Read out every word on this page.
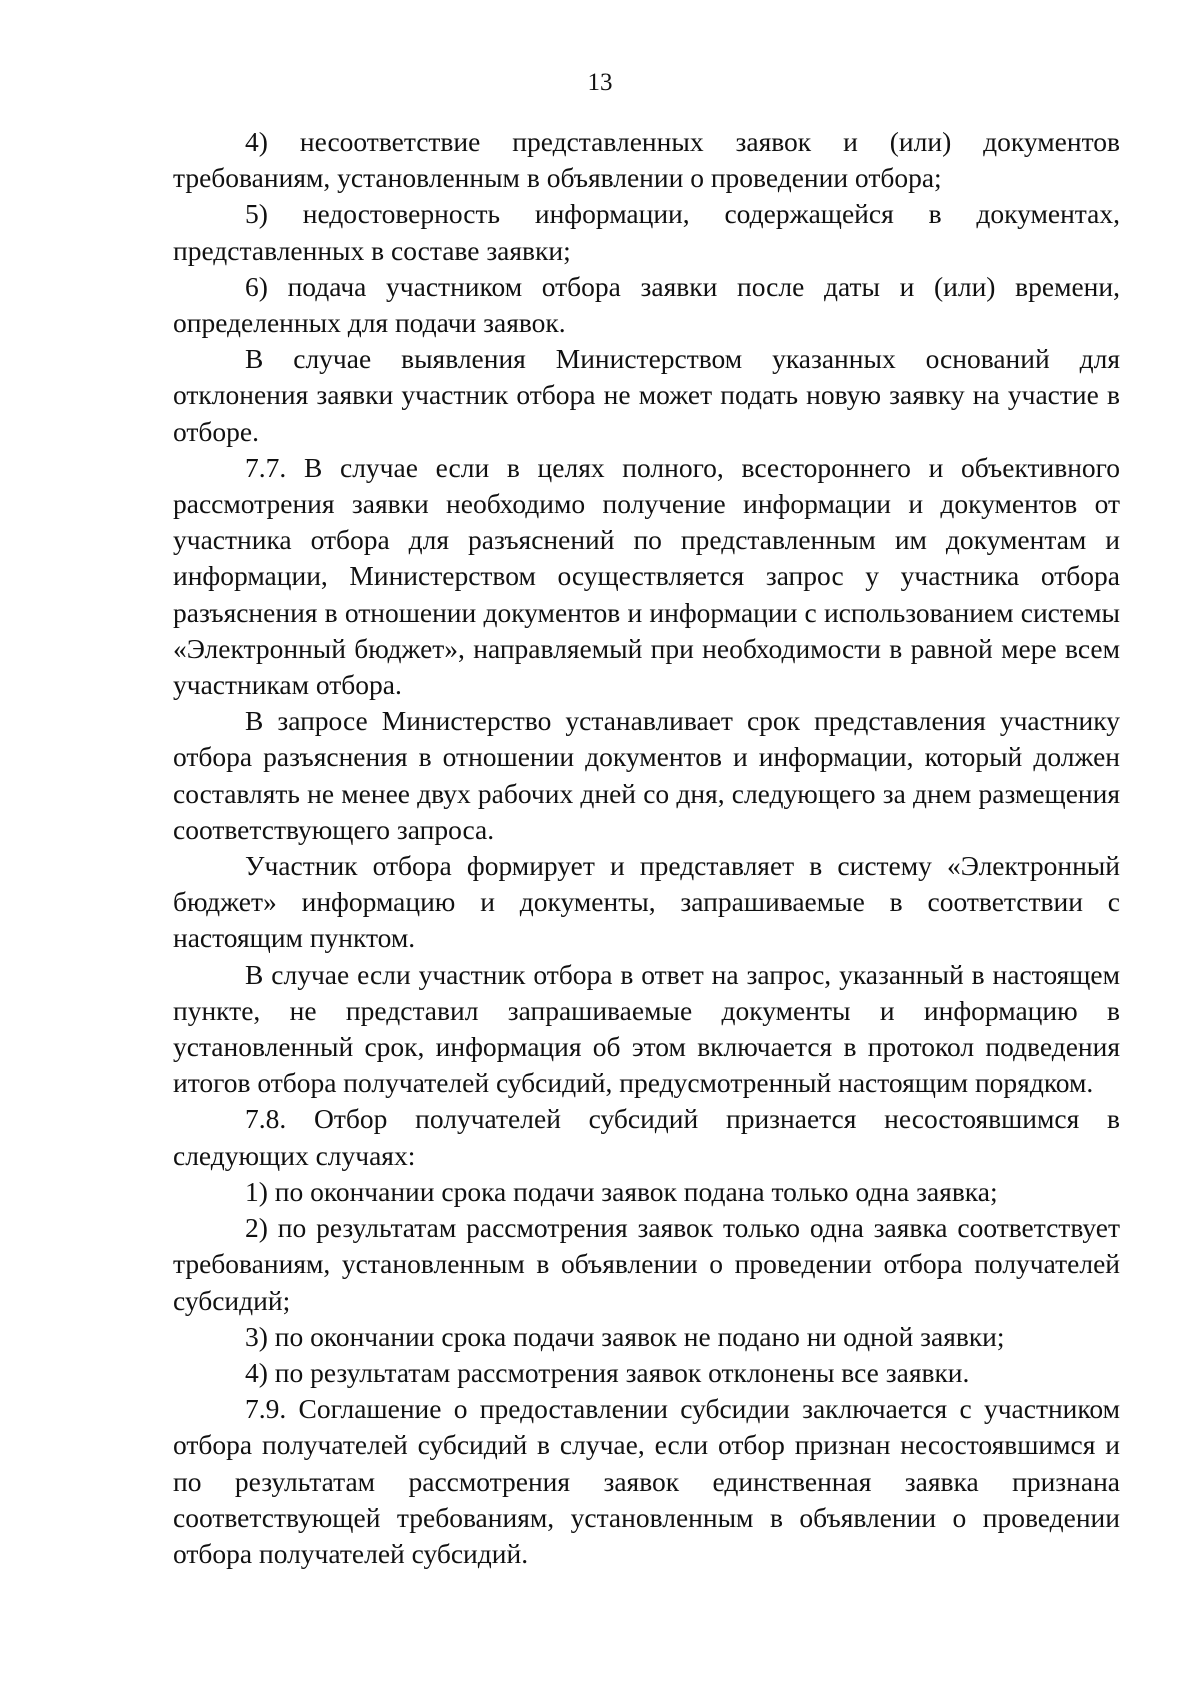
13

4) несоответствие представленных заявок и (или) документов требованиям, установленным в объявлении о проведении отбора;

5) недостоверность информации, содержащейся в документах, представленных в составе заявки;

6) подача участником отбора заявки после даты и (или) времени, определенных для подачи заявок.

В случае выявления Министерством указанных оснований для отклонения заявки участник отбора не может подать новую заявку на участие в отборе.

7.7. В случае если в целях полного, всестороннего и объективного рассмотрения заявки необходимо получение информации и документов от участника отбора для разъяснений по представленным им документам и информации, Министерством осуществляется запрос у участника отбора разъяснения в отношении документов и информации с использованием системы «Электронный бюджет», направляемый при необходимости в равной мере всем участникам отбора.

В запросе Министерство устанавливает срок представления участнику отбора разъяснения в отношении документов и информации, который должен составлять не менее двух рабочих дней со дня, следующего за днем размещения соответствующего запроса.

Участник отбора формирует и представляет в систему «Электронный бюджет» информацию и документы, запрашиваемые в соответствии с настоящим пунктом.

В случае если участник отбора в ответ на запрос, указанный в настоящем пункте, не представил запрашиваемые документы и информацию в установленный срок, информация об этом включается в протокол подведения итогов отбора получателей субсидий, предусмотренный настоящим порядком.

7.8. Отбор получателей субсидий признается несостоявшимся в следующих случаях:

1) по окончании срока подачи заявок подана только одна заявка;

2) по результатам рассмотрения заявок только одна заявка соответствует требованиям, установленным в объявлении о проведении отбора получателей субсидий;

3) по окончании срока подачи заявок не подано ни одной заявки;

4) по результатам рассмотрения заявок отклонены все заявки.

7.9. Соглашение о предоставлении субсидии заключается с участником отбора получателей субсидий в случае, если отбор признан несостоявшимся и по результатам рассмотрения заявок единственная заявка признана соответствующей требованиям, установленным в объявлении о проведении отбора получателей субсидий.
